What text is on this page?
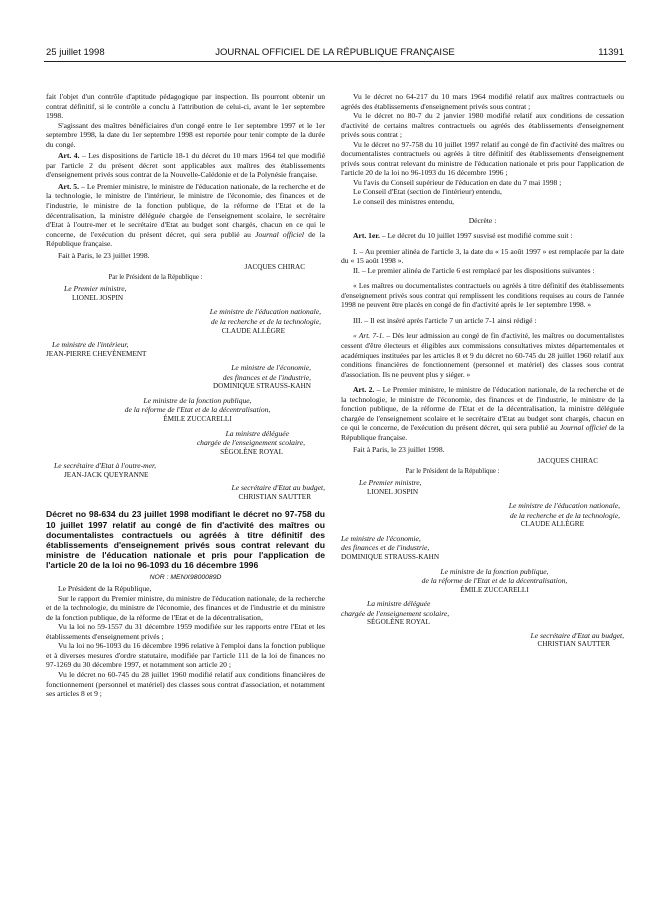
25 juillet 1998	JOURNAL OFFICIEL DE LA RÉPUBLIQUE FRANÇAISE	11391

fait l'objet d'un contrôle d'aptitude pédagogique par inspection. Ils pourront obtenir un contrat définitif, si le contrôle a conclu à l'attribution de celui-ci, avant le 1er septembre 1998.

S'agissant des maîtres bénéficiaires d'un congé entre le 1er septembre 1997 et le 1er septembre 1998, la date du 1er septembre 1998 est reportée pour tenir compte de la durée du congé.

Art. 4. – Les dispositions de l'article 18-1 du décret du 10 mars 1964 tel que modifié par l'article 2 du présent décret sont applicables aux maîtres des établissements d'enseignement privés sous contrat de la Nouvelle-Calédonie et de la Polynésie française.

Art. 5. – Le Premier ministre, le ministre de l'éducation nationale, de la recherche et de la technologie, le ministre de l'intérieur, le ministre de l'économie, des finances et de l'industrie, le ministre de la fonction publique, de la réforme de l'Etat et de la décentralisation, la ministre déléguée chargée de l'enseignement scolaire, le secrétaire d'Etat à l'outre-mer et le secrétaire d'Etat au budget sont chargés, chacun en ce qui le concerne, de l'exécution du présent décret, qui sera publié au Journal officiel de la République française.

Fait à Paris, le 23 juillet 1998.

JACQUES CHIRAC

Par le Président de la République :

Le Premier ministre,

LIONEL JOSPIN

Le ministre de l'éducation nationale,

de la recherche et de la technologie,

CLAUDE ALLÈGRE

Le ministre de l'intérieur,

JEAN-PIERRE CHEVÈNEMENT

Le ministre de l'économie,

des finances et de l'industrie,

DOMINIQUE STRAUSS-KAHN

Le ministre de la fonction publique,

de la réforme de l'Etat et de la décentralisation,

ÉMILE ZUCCARELLI

La ministre déléguée

chargée de l'enseignement scolaire,

SÉGOLÈNE ROYAL

Le secrétaire d'Etat à l'outre-mer,

JEAN-JACK QUEYRANNE

Le secrétaire d'Etat au budget,

CHRISTIAN SAUTTER

Décret no 98-634 du 23 juillet 1998 modifiant le décret no 97-758 du 10 juillet 1997 relatif au congé de fin d'activité des maîtres ou documentalistes contractuels ou agréés à titre définitif des établissements d'enseignement privés sous contrat relevant du ministre de l'éducation nationale et pris pour l'application de l'article 20 de la loi no 96-1093 du 16 décembre 1996

NOR : MENX9800089D

Le Président de la République,

Sur le rapport du Premier ministre, du ministre de l'éducation nationale, de la recherche et de la technologie, du ministre de l'économie, des finances et de l'industrie et du ministre de la fonction publique, de la réforme de l'Etat et de la décentralisation,

Vu la loi no 59-1557 du 31 décembre 1959 modifiée sur les rapports entre l'Etat et les établissements d'enseignement privés ;

Vu la loi no 96-1093 du 16 décembre 1996 relative à l'emploi dans la fonction publique et à diverses mesures d'ordre statutaire, modifiée par l'article 111 de la loi de finances no 97-1269 du 30 décembre 1997, et notamment son article 20 ;

Vu le décret no 60-745 du 28 juillet 1960 modifié relatif aux conditions financières de fonctionnement (personnel et matériel) des classes sous contrat d'association, et notamment ses articles 8 et 9 ;

Vu le décret no 64-217 du 10 mars 1964 modifié relatif aux maîtres contractuels ou agréés des établissements d'enseignement privés sous contrat ;

Vu le décret no 80-7 du 2 janvier 1980 modifié relatif aux conditions de cessation d'activité de certains maîtres contractuels ou agréés des établissements d'enseignement privés sous contrat ;

Vu le décret no 97-758 du 10 juillet 1997 relatif au congé de fin d'activité des maîtres ou documentalistes contractuels ou agréés à titre définitif des établissements d'enseignement privés sous contrat relevant du ministre de l'éducation nationale et pris pour l'application de l'article 20 de la loi no 96-1093 du 16 décembre 1996 ;

Vu l'avis du Conseil supérieur de l'éducation en date du 7 mai 1998 ;

Le Conseil d'Etat (section de l'intérieur) entendu,

Le conseil des ministres entendu,

Décrète :

Art. 1er. – Le décret du 10 juillet 1997 susvisé est modifié comme suit :

I. – Au premier alinéa de l'article 3, la date du « 15 août 1997 » est remplacée par la date du « 15 août 1998 ».

II. – Le premier alinéa de l'article 6 est remplacé par les dispositions suivantes :

« Les maîtres ou documentalistes contractuels ou agréés à titre définitif des établissements d'enseignement privés sous contrat qui remplissent les conditions requises au cours de l'année 1998 ne peuvent être placés en congé de fin d'activité après le 1er septembre 1998. »

III. – Il est inséré après l'article 7 un article 7-1 ainsi rédigé :

« Art. 7-1. – Dès leur admission au congé de fin d'activité, les maîtres ou documentalistes cessent d'être électeurs et éligibles aux commissions consultatives mixtes départementales et académiques instituées par les articles 8 et 9 du décret no 60-745 du 28 juillet 1960 relatif aux conditions financières de fonctionnement (personnel et matériel) des classes sous contrat d'association. Ils ne peuvent plus y siéger. »

Art. 2. – Le Premier ministre, le ministre de l'éducation nationale, de la recherche et de la technologie, le ministre de l'économie, des finances et de l'industrie, le ministre de la fonction publique, de la réforme de l'Etat et de la décentralisation, la ministre déléguée chargée de l'enseignement scolaire et le secrétaire d'Etat au budget sont chargés, chacun en ce qui le concerne, de l'exécution du présent décret, qui sera publié au Journal officiel de la République française.

Fait à Paris, le 23 juillet 1998.

JACQUES CHIRAC

Par le Président de la République :

Le Premier ministre,

LIONEL JOSPIN

Le ministre de l'éducation nationale,

de la recherche et de la technologie,

CLAUDE ALLÈGRE

Le ministre de l'économie,

des finances et de l'industrie,

DOMINIQUE STRAUSS-KAHN

Le ministre de la fonction publique,

de la réforme de l'Etat et de la décentralisation,

ÉMILE ZUCCARELLI

La ministre déléguée

chargée de l'enseignement scolaire,

SÉGOLÈNE ROYAL

Le secrétaire d'Etat au budget,

CHRISTIAN SAUTTER
